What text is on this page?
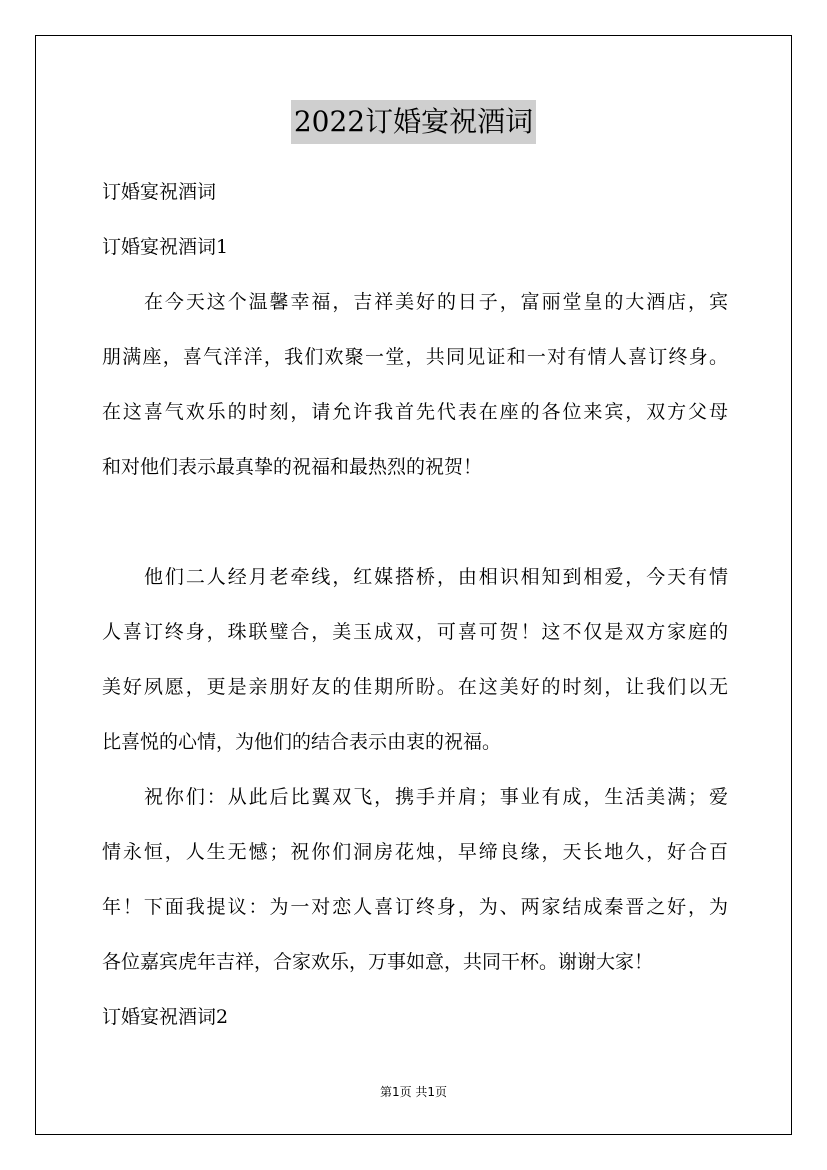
2022订婚宴祝酒词
订婚宴祝酒词
订婚宴祝酒词1
在今天这个温馨幸福，吉祥美好的日子，富丽堂皇的大酒店，宾
朋满座，喜气洋洋，我们欢聚一堂，共同见证和一对有情人喜订终身。
在这喜气欢乐的时刻，请允许我首先代表在座的各位来宾，双方父母
和对他们表示最真挚的祝福和最热烈的祝贺！
他们二人经月老牵线，红媒搭桥，由相识相知到相爱，今天有情
人喜订终身，珠联璧合，美玉成双，可喜可贺！这不仅是双方家庭的
美好夙愿，更是亲朋好友的佳期所盼。在这美好的时刻，让我们以无
比喜悦的心情，为他们的结合表示由衷的祝福。
祝你们：从此后比翼双飞，携手并肩；事业有成，生活美满；爱
情永恒，人生无憾；祝你们洞房花烛，早缔良缘，天长地久，好合百
年！下面我提议：为一对恋人喜订终身，为、两家结成秦晋之好，为
各位嘉宾虎年吉祥，合家欢乐，万事如意，共同干杯。谢谢大家！
订婚宴祝酒词2
第1页 共1页
